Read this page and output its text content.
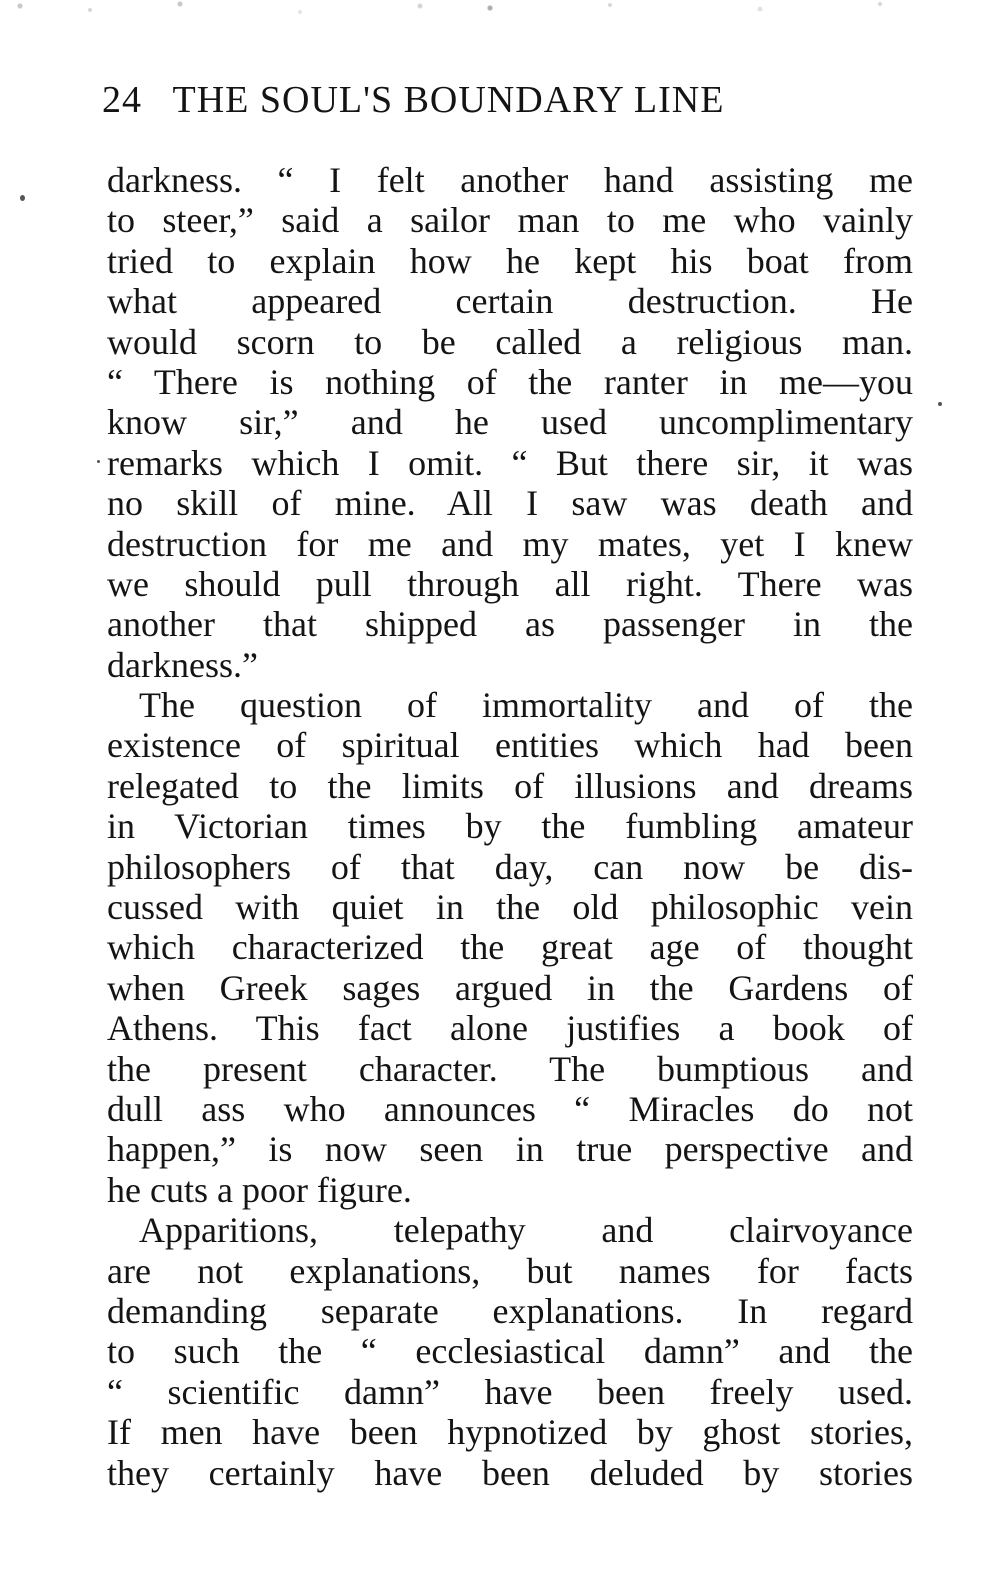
24 THE SOUL'S BOUNDARY LINE
darkness. “ I felt another hand assisting me
to steer,” said a sailor man to me who vainly
tried to explain how he kept his boat from
what appeared certain destruction. He
would scorn to be called a religious man.
“ There is nothing of the ranter in me—you
know sir,” and he used uncomplimentary
remarks which I omit. “ But there sir, it was
no skill of mine. All I saw was death and
destruction for me and my mates, yet I knew
we should pull through all right. There was
another that shipped as passenger in the
darkness.”
The question of immortality and of the
existence of spiritual entities which had been
relegated to the limits of illusions and dreams
in Victorian times by the fumbling amateur
philosophers of that day, can now be dis-
cussed with quiet in the old philosophic vein
which characterized the great age of thought
when Greek sages argued in the Gardens of
Athens. This fact alone justifies a book of
the present character. The bumptious and
dull ass who announces “ Miracles do not
happen,” is now seen in true perspective and
he cuts a poor figure.
Apparitions, telepathy and clairvoyance
are not explanations, but names for facts
demanding separate explanations. In regard
to such the “ ecclesiastical damn” and the
“ scientific damn” have been freely used.
If men have been hypnotized by ghost stories,
they certainly have been deluded by stories
